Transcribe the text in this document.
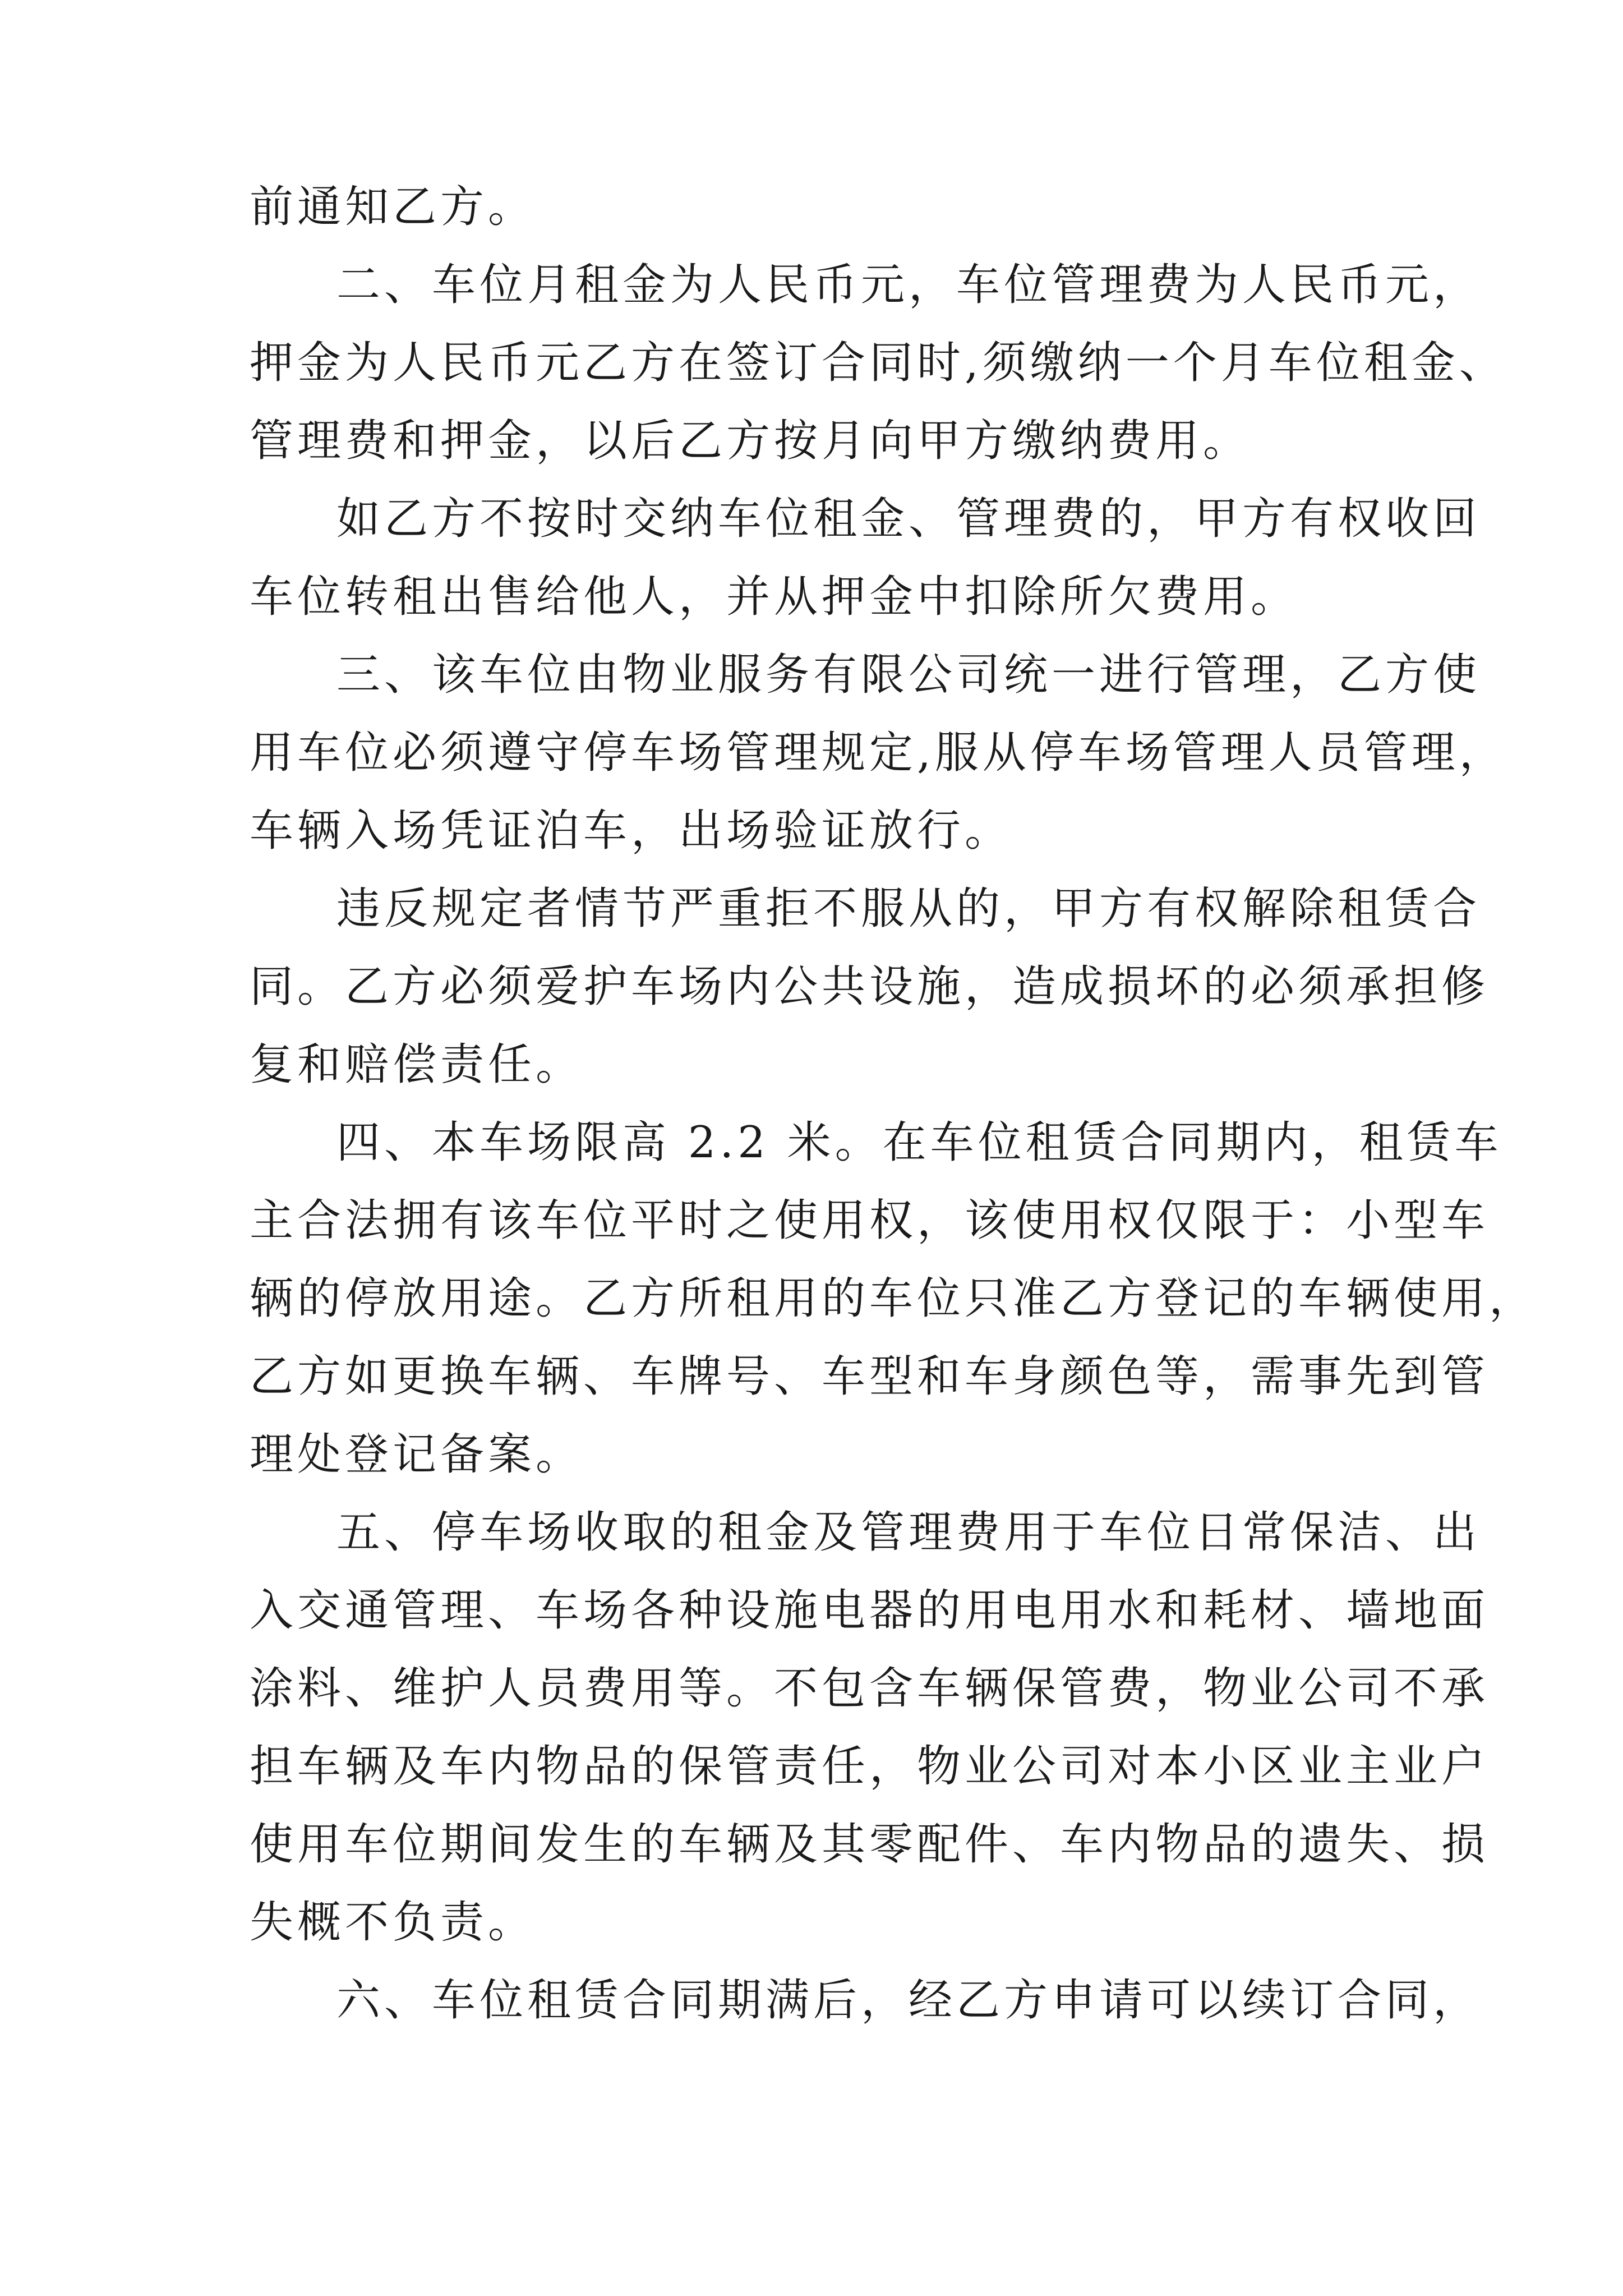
前通知乙方。
二、车位月租金为人民币元，车位管理费为人民币元，
押金为人民币元乙方在签订合同时,须缴纳一个月车位租金、
管理费和押金，以后乙方按月向甲方缴纳费用。
如乙方不按时交纳车位租金、管理费的，甲方有权收回
车位转租出售给他人，并从押金中扣除所欠费用。
三、该车位由物业服务有限公司统一进行管理，乙方使
用车位必须遵守停车场管理规定,服从停车场管理人员管理，
车辆入场凭证泊车，出场验证放行。
违反规定者情节严重拒不服从的，甲方有权解除租赁合
同。乙方必须爱护车场内公共设施，造成损坏的必须承担修
复和赔偿责任。
四、本车场限高 2.2 米。在车位租赁合同期内，租赁车
主合法拥有该车位平时之使用权，该使用权仅限于：小型车
辆的停放用途。乙方所租用的车位只准乙方登记的车辆使用，
乙方如更换车辆、车牌号、车型和车身颜色等，需事先到管
理处登记备案。
五、停车场收取的租金及管理费用于车位日常保洁、出
入交通管理、车场各种设施电器的用电用水和耗材、墙地面
涂料、维护人员费用等。不包含车辆保管费，物业公司不承
担车辆及车内物品的保管责任，物业公司对本小区业主业户
使用车位期间发生的车辆及其零配件、车内物品的遗失、损
失概不负责。
六、车位租赁合同期满后，经乙方申请可以续订合同，
